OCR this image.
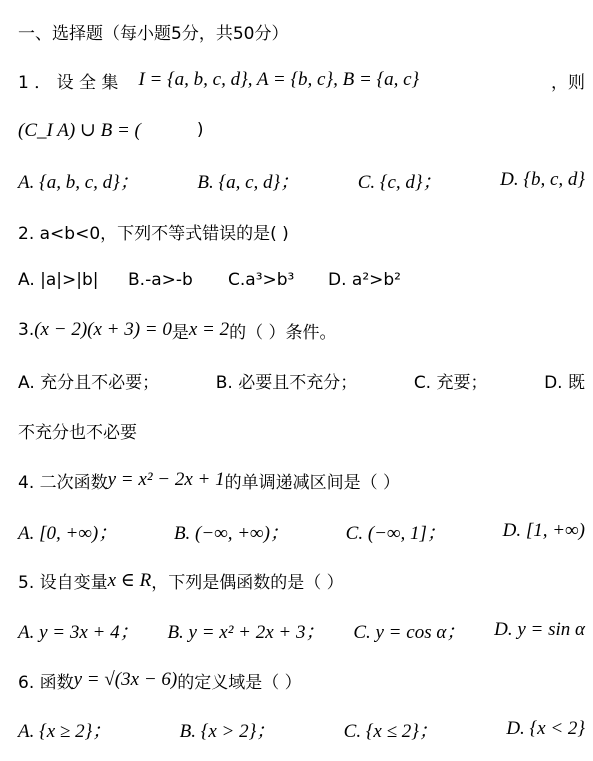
一、选择题（每小题5分，共50分）
1 ． 设 全 集 I = {a, b, c, d}, A = {b, c}, B = {a, c}	，则
(C_I A) ∪ B = (	)
A. {a, b, c, d}；	B. {a, c, d}；	C. {c, d}；	D. {b, c, d}
2. a<b<0，下列不等式错误的是( )
A. |a|>|b|	B.-a>-b	C.a³>b³	D. a²>b²
3. (x − 2)(x + 3) = 0 是 x = 2 的（ ）条件。
A. 充分且不必要；	B. 必要且不充分；	C. 充要；	D. 既
不充分也不必要
4. 二次函数 y = x² − 2x + 1 的单调递减区间是（ ）
A. [0, +∞)；	B. (−∞, +∞)；	C. (−∞, 1]；	D. [1, +∞)
5. 设自变量 x ∈ R ，下列是偶函数的是（ ）
A. y = 3x + 4； B. y = x² + 2x + 3； C. y = cos α； D. y = sin α
6. 函数 y = √(3x − 6) 的定义域是（ ）
A. {x ≥ 2}；	B. {x > 2}；	C. {x ≤ 2}；	D. {x < 2}
